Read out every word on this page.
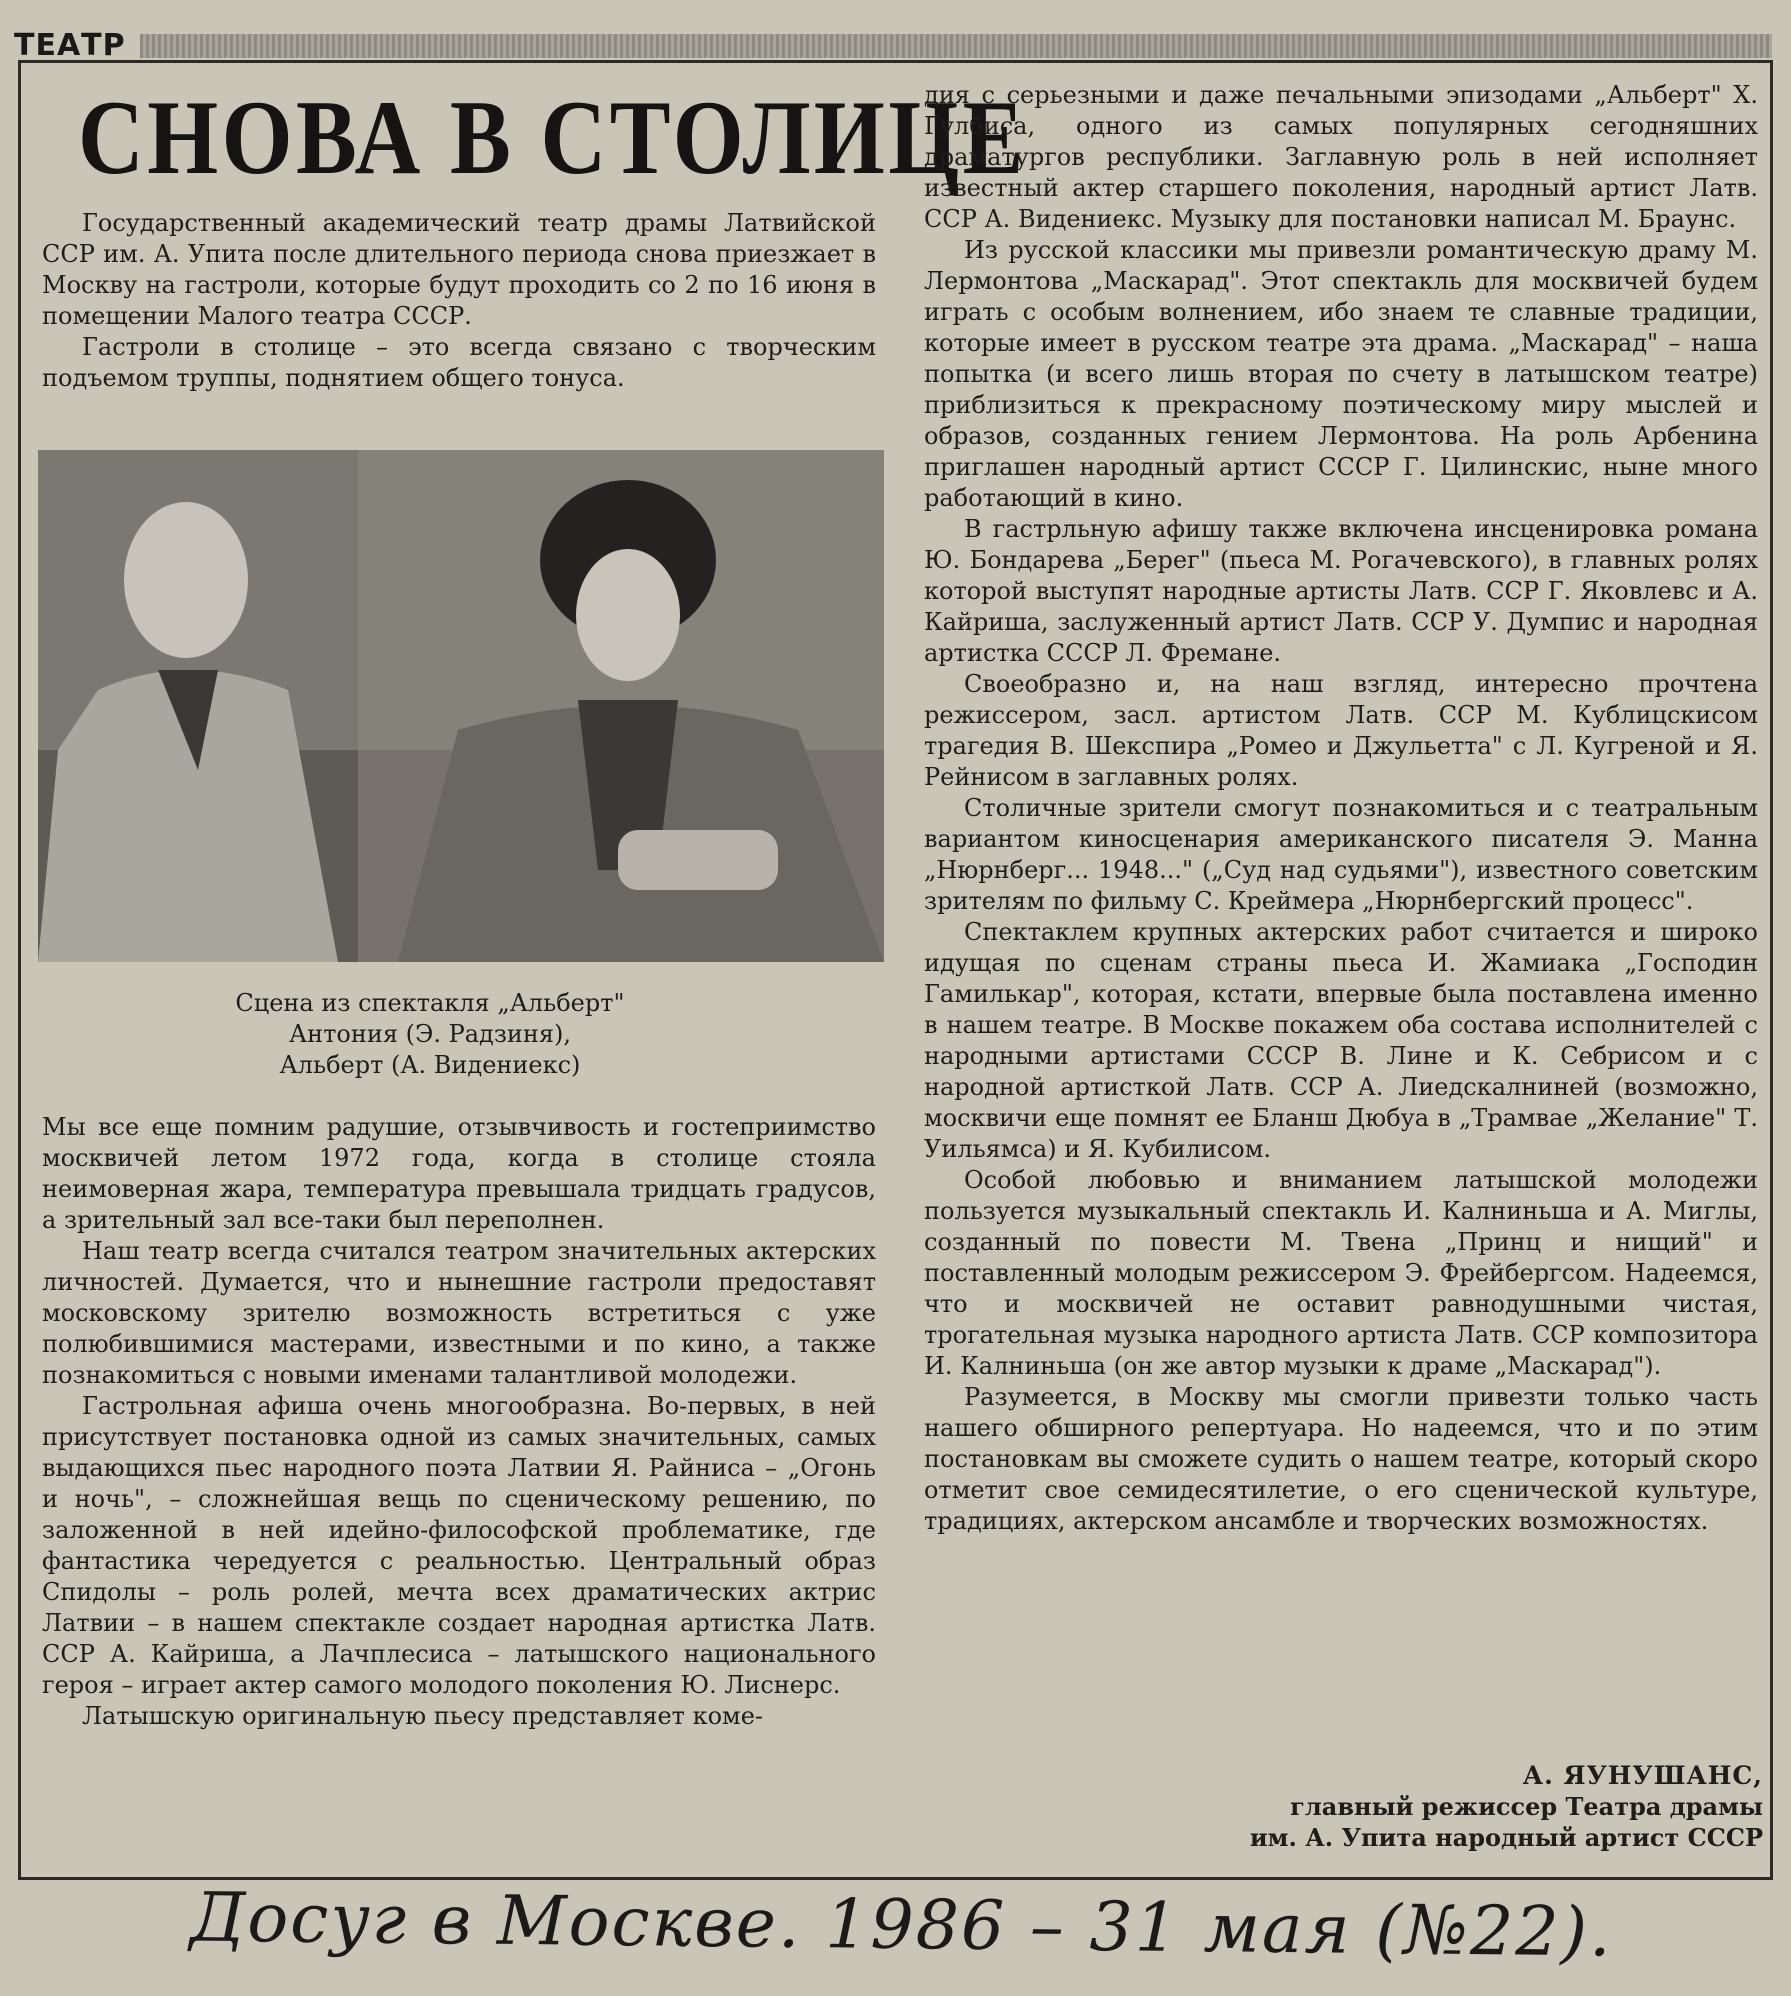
ТЕАТР
СНОВА В СТОЛИЦЕ

Государственный академический театр драмы Латвийской ССР им. А. Упита после длительного периода снова приезжает в Москву на гастроли, которые будут проходить со 2 по 16 июня в помещении Малого театра СССР.

Гастроли в столице – это всегда связано с творческим подъемом труппы, поднятием общего тонуса.

Сцена из спектакля „Альберт"
Антония (Э. Радзиня),
Альберт (А. Видениекс)

Мы все еще помним радушие, отзывчивость и гостеприимство москвичей летом 1972 года, когда в столице стояла неимоверная жара, температура превышала тридцать градусов, а зрительный зал все-таки был переполнен.

Наш театр всегда считался театром значительных актерских личностей. Думается, что и нынешние гастроли предоставят московскому зрителю возможность встретиться с уже полюбившимися мастерами, известными и по кино, а также познакомиться с новыми именами талантливой молодежи.

Гастрольная афиша очень многообразна. Во-первых, в ней присутствует постановка одной из самых значительных, самых выдающихся пьес народного поэта Латвии Я. Райниса – „Огонь и ночь", – сложнейшая вещь по сценическому решению, по заложенной в ней идейно-философской проблематике, где фантастика чередуется с реальностью. Центральный образ Спидолы – роль ролей, мечта всех драматических актрис Латвии – в нашем спектакле создает народная артистка Латв. ССР А. Кайриша, а Лачплесиса – латышского национального героя – играет актер самого молодого поколения Ю. Лиснерс.

Латышскую оригинальную пьесу представляет коме-

дия с серьезными и даже печальными эпизодами „Альберт" Х. Гулбиса, одного из самых популярных сегодняшних драматургов республики. Заглавную роль в ней исполняет известный актер старшего поколения, народный артист Латв. ССР А. Видениекс. Музыку для постановки написал М. Браунс.

Из русской классики мы привезли романтическую драму М. Лермонтова „Маскарад". Этот спектакль для москвичей будем играть с особым волнением, ибо знаем те славные традиции, которые имеет в русском театре эта драма. „Маскарад" – наша попытка (и всего лишь вторая по счету в латышском театре) приблизиться к прекрасному поэтическому миру мыслей и образов, созданных гением Лермонтова. На роль Арбенина приглашен народный артист СССР Г. Цилинскис, ныне много работающий в кино.

В гастрльную афишу также включена инсценировка романа Ю. Бондарева „Берег" (пьеса М. Рогачевского), в главных ролях которой выступят народные артисты Латв. ССР Г. Яковлевс и А. Кайриша, заслуженный артист Латв. ССР У. Думпис и народная артистка СССР Л. Фремане.

Своеобразно и, на наш взгляд, интересно прочтена режиссером, засл. артистом Латв. ССР М. Кублицскисом трагедия В. Шекспира „Ромео и Джульетта" с Л. Кугреной и Я. Рейнисом в заглавных ролях.

Столичные зрители смогут познакомиться и с театральным вариантом киносценария американского писателя Э. Манна „Нюрнберг... 1948..." („Суд над судьями"), известного советским зрителям по фильму С. Креймера „Нюрнбергский процесс".

Спектаклем крупных актерских работ считается и широко идущая по сценам страны пьеса И. Жамиака „Господин Гамилькар", которая, кстати, впервые была поставлена именно в нашем театре. В Москве покажем оба состава исполнителей с народными артистами СССР В. Лине и К. Себрисом и с народной артисткой Латв. ССР А. Лиедскалниней (возможно, москвичи еще помнят ее Бланш Дюбуа в „Трамвае „Желание" Т. Уильямса) и Я. Кубилисом.

Особой любовью и вниманием латышской молодежи пользуется музыкальный спектакль И. Калниньша и А. Миглы, созданный по повести М. Твена „Принц и нищий" и поставленный молодым режиссером Э. Фрейбергсом. Надеемся, что и москвичей не оставит равнодушными чистая, трогательная музыка народного артиста Латв. ССР композитора И. Калниньша (он же автор музыки к драме „Маскарад").

Разумеется, в Москву мы смогли привезти только часть нашего обширного репертуара. Но надеемся, что и по этим постановкам вы сможете судить о нашем театре, который скоро отметит свое семидесятилетие, о его сценической культуре, традициях, актерском ансамбле и творческих возможностях.

А. ЯУНУШАНС,
главный режиссер Театра драмы
им. А. Упита народный артист СССР
Досуг в Москве. 1986 – 31 мая (№22).
